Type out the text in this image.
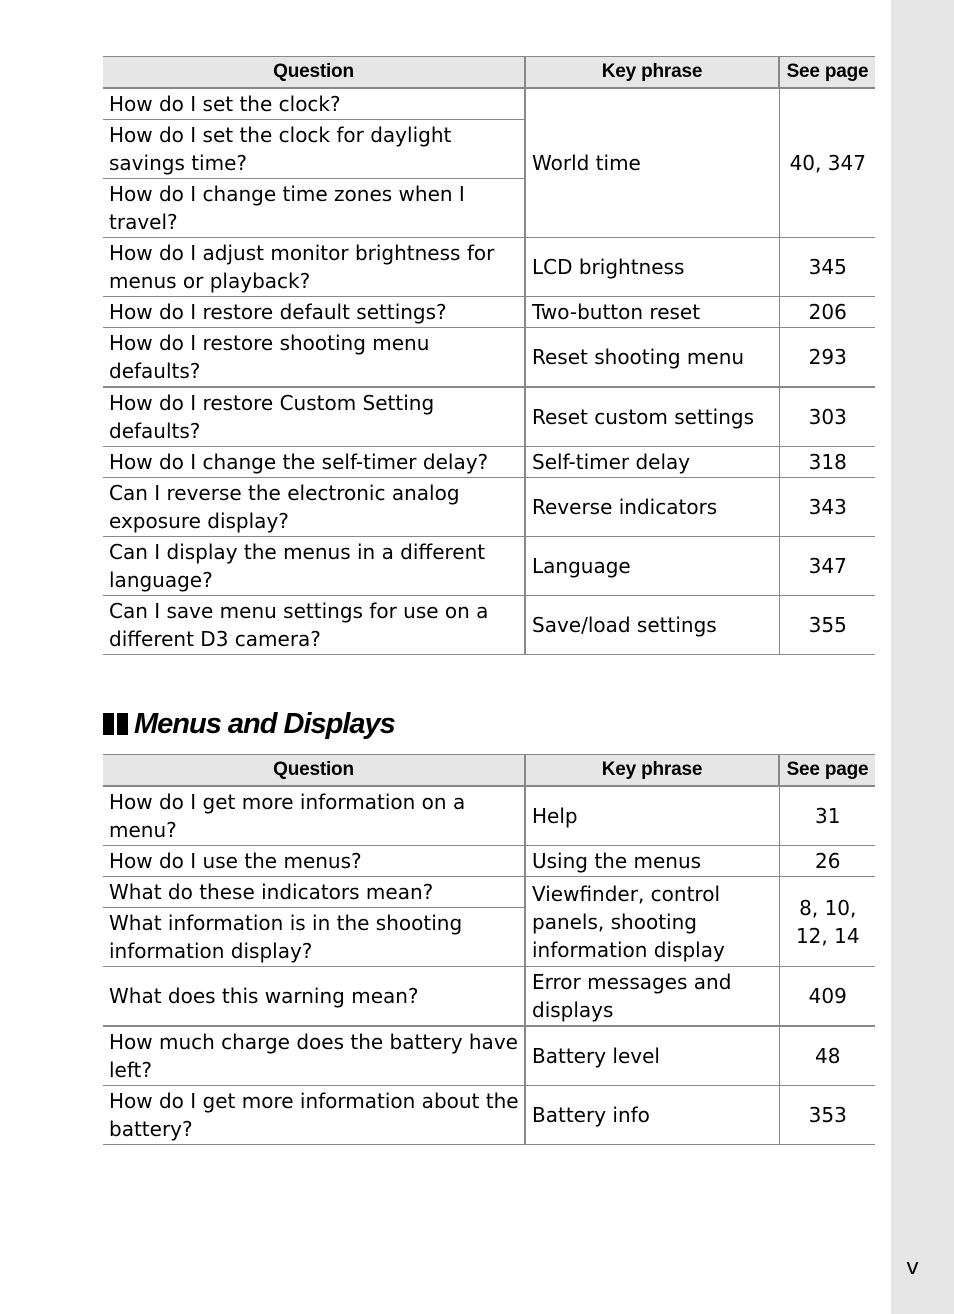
Question	Key phrase	See page
How do I set the clock?	World time	40, 347
How do I set the clock for daylight savings time?		
How do I change time zones when I travel?		
How do I adjust monitor brightness for menus or playback?	LCD brightness	345
How do I restore default settings?	Two-button reset	206
How do I restore shooting menu defaults?	Reset shooting menu	293
How do I restore Custom Setting defaults?	Reset custom settings	303
How do I change the self-timer delay?	Self-timer delay	318
Can I reverse the electronic analog exposure display?	Reverse indicators	343
Can I display the menus in a different language?	Language	347
Can I save menu settings for use on a different D3 camera?	Save/load settings	355
Menus and Displays
Question	Key phrase	See page
How do I get more information on a menu?	Help	31
How do I use the menus?	Using the menus	26
What do these indicators mean?	Viewfinder, control panels, shooting information display	8, 10, 12, 14
What information is in the shooting information display?		
What does this warning mean?	Error messages and displays	409
How much charge does the battery have left?	Battery level	48
How do I get more information about the battery?	Battery info	353
v
